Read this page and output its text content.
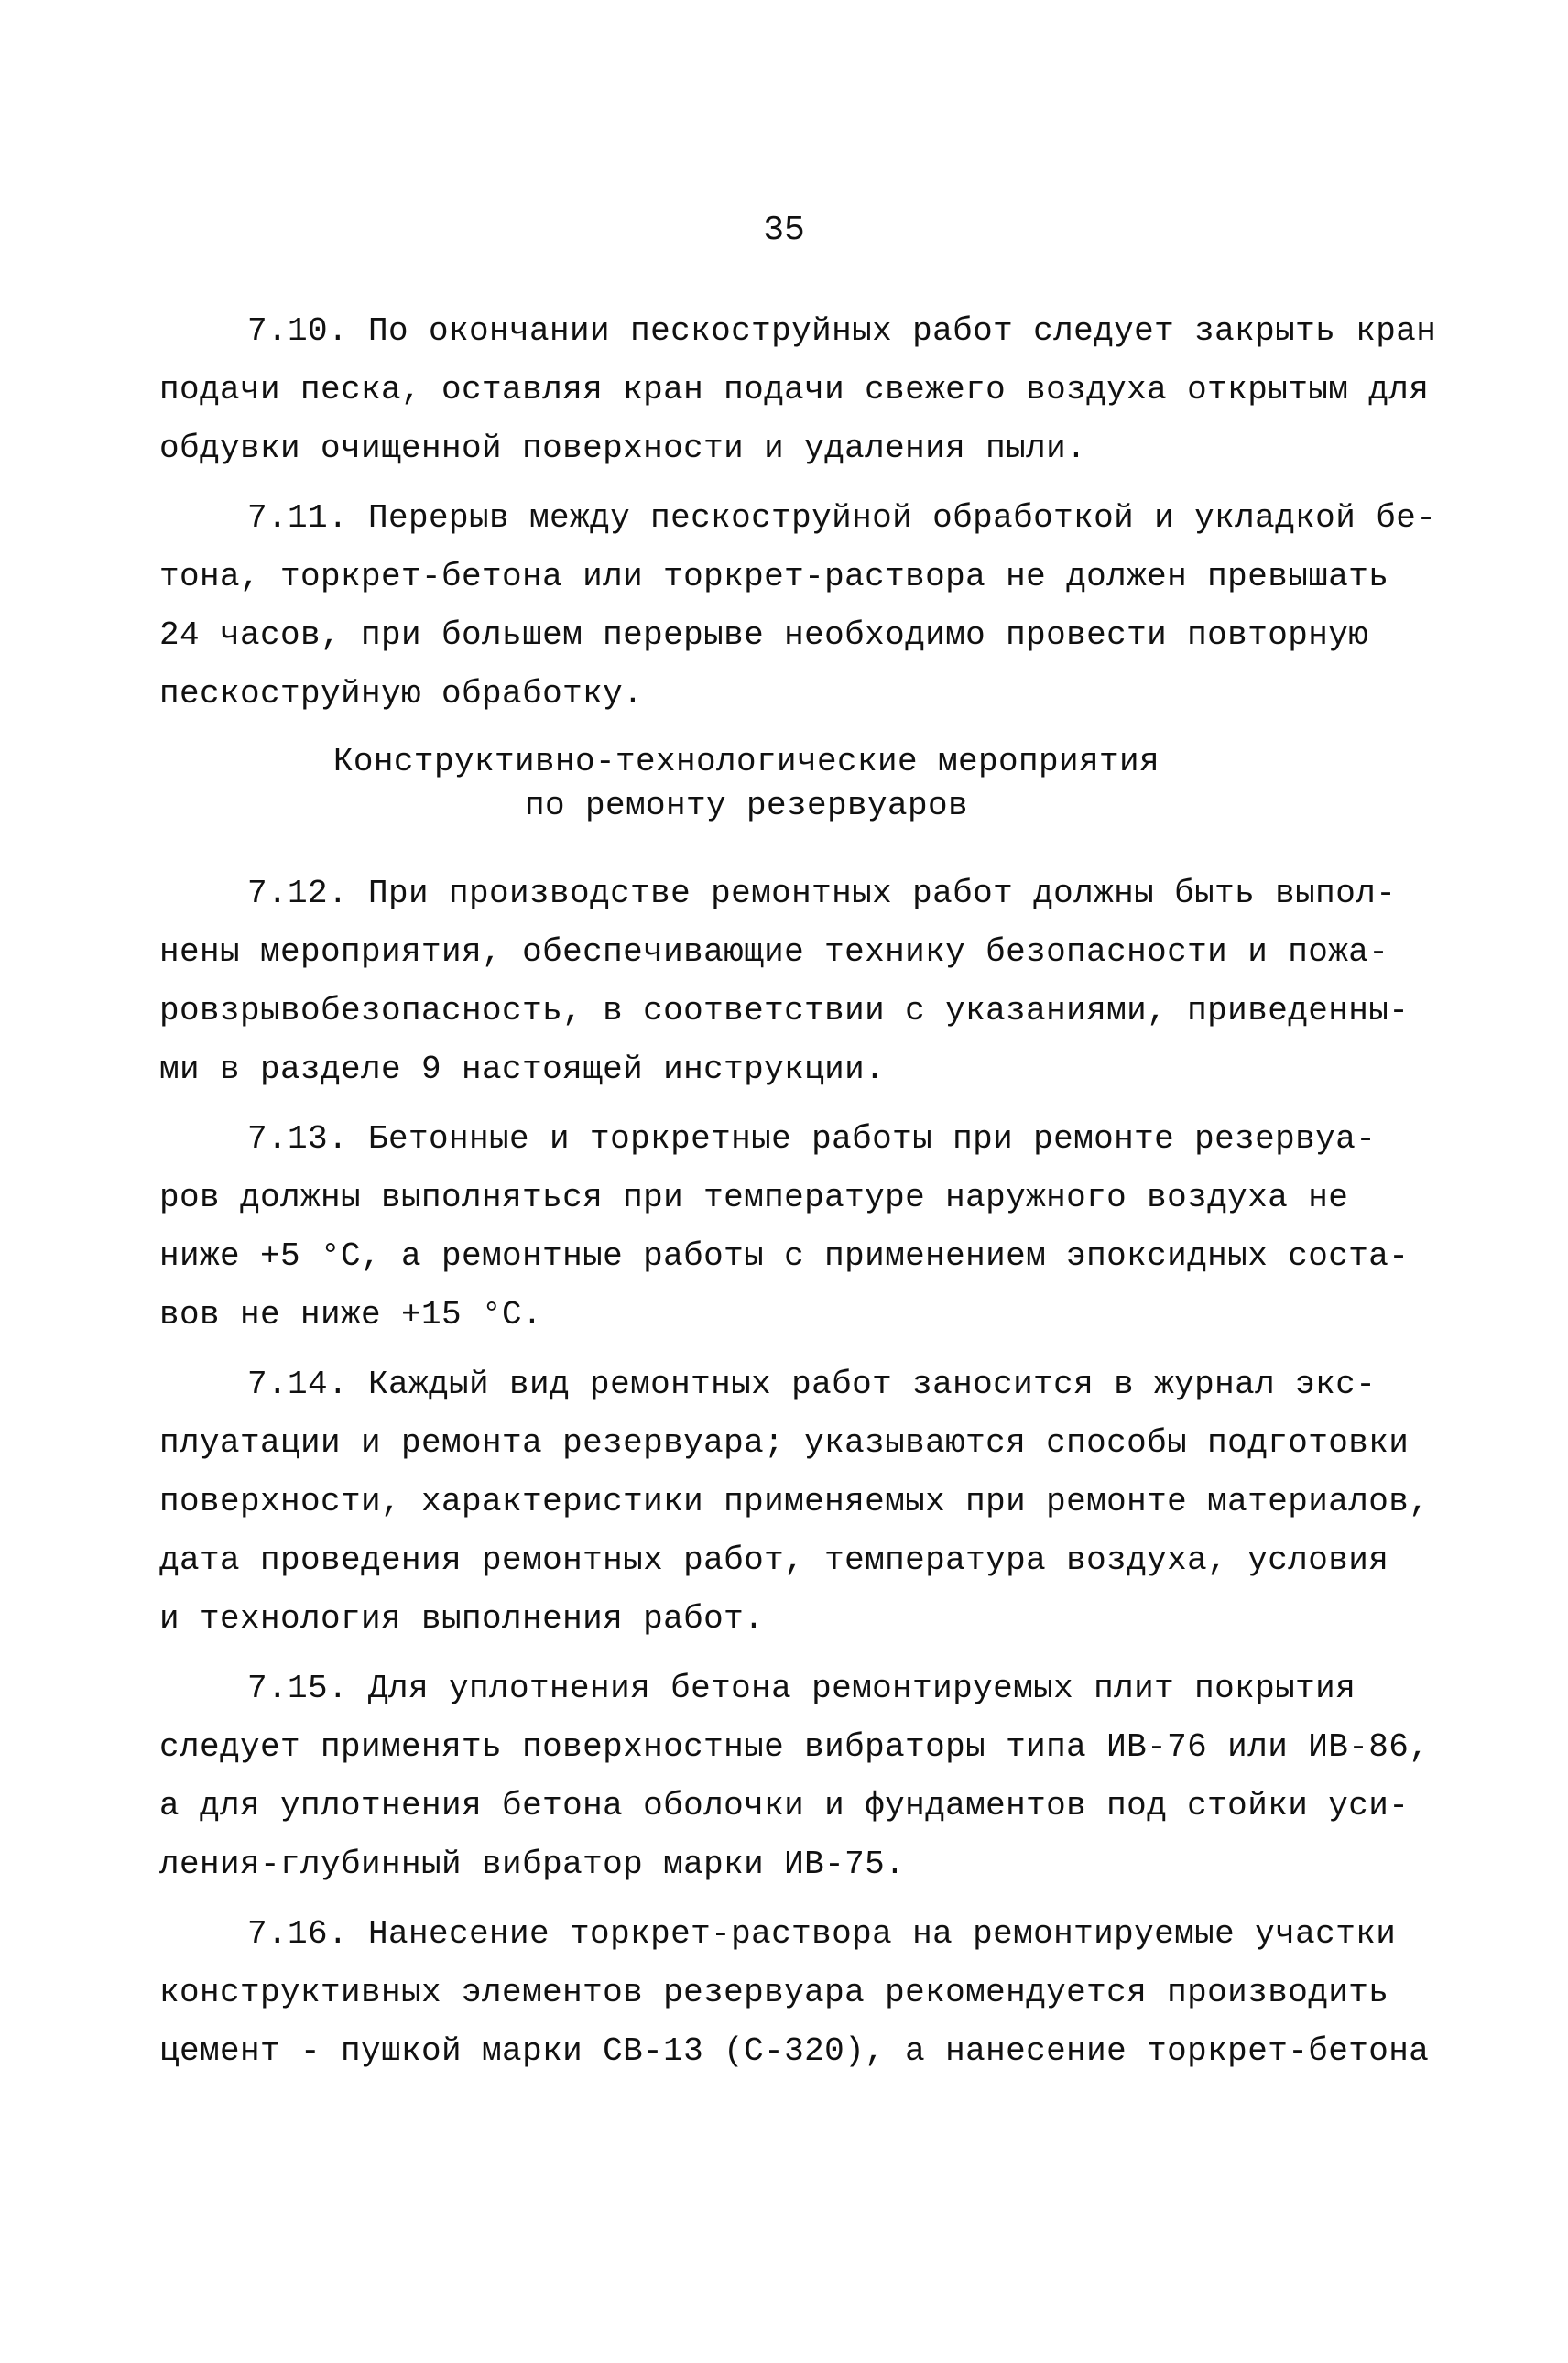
35

7.10. По окончании пескоструйных работ следует закрыть кран
подачи песка, оставляя кран подачи свежего воздуха открытым для
обдувки очищенной поверхности и удаления пыли.

7.11. Перерыв между пескоструйной обработкой и укладкой бе-
тона, торкрет-бетона или торкрет-раствора не должен превышать
24 часов, при большем перерыве необходимо провести повторную
пескоструйную обработку.

Конструктивно-технологические мероприятия
по ремонту резервуаров

7.12. При производстве ремонтных работ должны быть выпол-
нены мероприятия, обеспечивающие технику безопасности и пожа-
ровзрывобезопасность, в соответствии с указаниями, приведенны-
ми в разделе 9 настоящей инструкции.

7.13. Бетонные и торкретные работы при ремонте резервуа-
ров должны выполняться при температуре наружного воздуха не
ниже +5 °С, а ремонтные работы с применением эпоксидных соста-
вов не ниже +15 °С.

7.14. Каждый вид ремонтных работ заносится в журнал экс-
плуатации и ремонта резервуара; указываются способы подготовки
поверхности, характеристики применяемых при ремонте материалов,
дата проведения ремонтных работ, температура воздуха, условия
и технология выполнения работ.

7.15. Для уплотнения бетона ремонтируемых плит покрытия
следует применять поверхностные вибраторы типа ИВ-76 или ИВ-86,
а для уплотнения бетона оболочки и фундаментов под стойки уси-
ления-глубинный вибратор марки ИВ-75.

7.16. Нанесение торкрет-раствора на ремонтируемые участки
конструктивных элементов резервуара рекомендуется производить
цемент - пушкой марки СВ-13 (С-320), а нанесение торкрет-бетона
